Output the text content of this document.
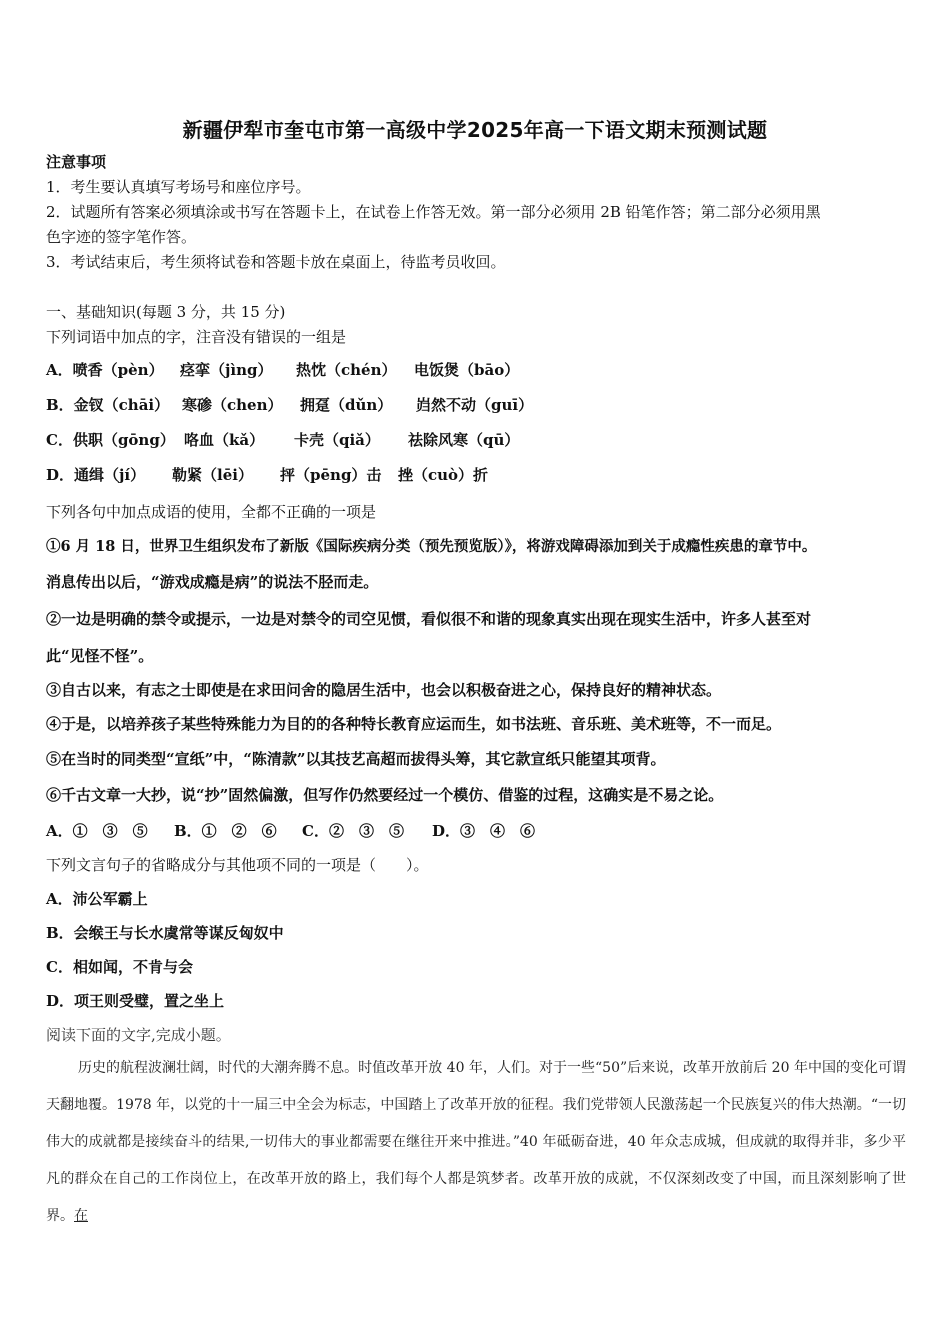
新疆伊犁市奎屯市第一高级中学2025年高一下语文期末预测试题
注意事项
1．考生要认真填写考场号和座位序号。
2．试题所有答案必须填涂或书写在答题卡上，在试卷上作答无效。第一部分必须用 2B 铅笔作答；第二部分必须用黑
色字迹的签字笔作答。
3．考试结束后，考生须将试卷和答题卡放在桌面上，待监考员收回。
一、基础知识(每题 3 分，共 15 分)
下列词语中加点的字，注音没有错误的一组是
A．喷香（pèn） 痉挛（jìng） 热忱（chén） 电饭煲（bāo）
B．金钗（chāi） 寒碜（chen） 拥趸（dǔn） 岿然不动（guī）
C．供职（gōng） 咯血（kǎ） 卡壳（qiǎ） 祛除风寒（qū）
D．通缉（jí） 勒紧（lēi） 抨（pēng）击 挫（cuò）折
下列各句中加点成语的使用，全都不正确的一项是
①6 月 18 日，世界卫生组织发布了新版《国际疾病分类（预先预览版）》，将游戏障碍添加到关于成瘾性疾患的章节中。
消息传出以后，“游戏成瘾是病”的说法不胫而走。
②一边是明确的禁令或提示，一边是对禁令的司空见惯，看似很不和谐的现象真实出现在现实生活中，许多人甚至对
此“见怪不怪”。
③自古以来，有志之士即使是在求田问舍的隐居生活中，也会以积极奋进之心，保持良好的精神状态。
④于是，以培养孩子某些特殊能力为目的的各种特长教育应运而生，如书法班、音乐班、美术班等，不一而足。
⑤在当时的同类型“宣纸”中，“陈清款”以其技艺高超而拔得头筹，其它款宣纸只能望其项背。
⑥千古文章一大抄，说“抄”固然偏激，但写作仍然要经过一个模仿、借鉴的过程，这确实是不易之论。
A．①　③　⑤ B．①　②　⑥ C．②　③　⑤ D．③　④　⑥
下列文言句子的省略成分与其他项不同的一项是（　　）。
A．沛公军霸上
B．会缑王与长水虞常等谋反匈奴中
C．相如闻，不肯与会
D．项王则受璧，置之坐上
阅读下面的文字,完成小题。
历史的航程波澜壮阔，时代的大潮奔腾不息。时值改革开放 40 年，人们。对于一些“50”后来说，改革开放前后 20 年中国的变化可谓天翻地覆。1978 年，以党的十一届三中全会为标志，中国踏上了改革开放的征程。我们党带领人民激荡起一个民族复兴的伟大热潮。“一切伟大的成就都是接续奋斗的结果,一切伟大的事业都需要在继往开来中推进。”40 年砥砺奋进，40 年众志成城，但成就的取得并非，多少平凡的群众在自己的工作岗位上，在改革开放的路上，我们每个人都是筑梦者。改革开放的成就，不仅深刻改变了中国，而且深刻影响了世界。在
